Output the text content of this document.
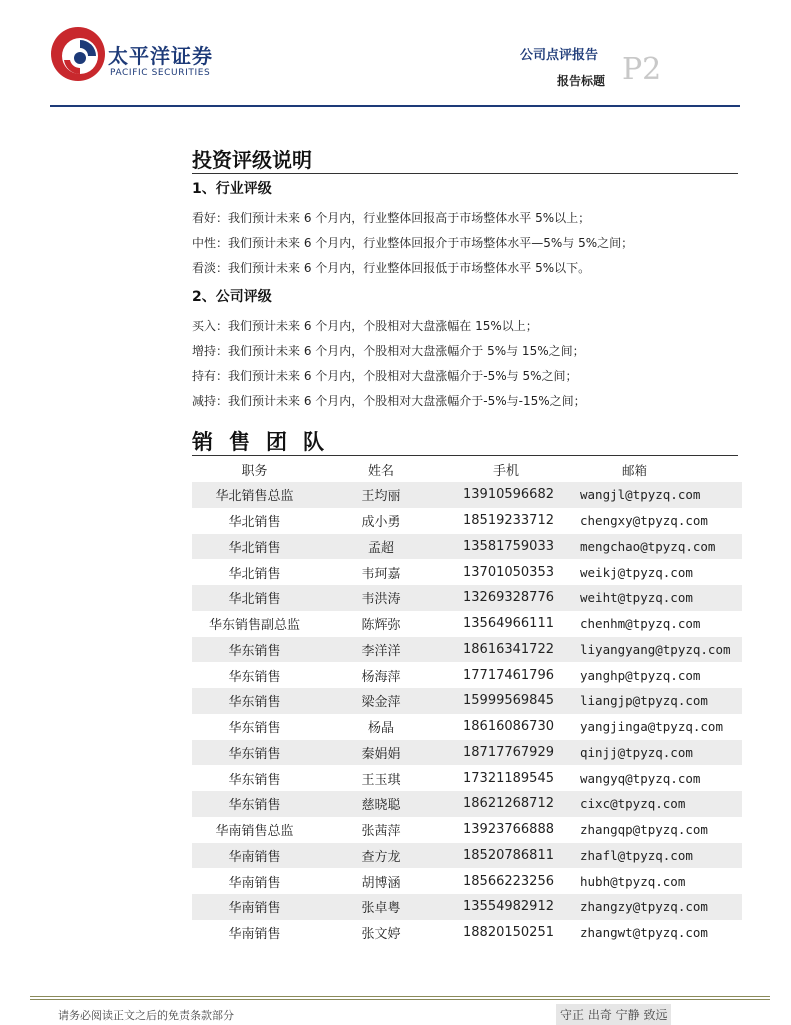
太平洋证券
PACIFIC SECURITIES
公司点评报告
报告标题 P2
投资评级说明
1、行业评级
看好：我们预计未来 6 个月内，行业整体回报高于市场整体水平 5%以上；
中性：我们预计未来 6 个月内，行业整体回报介于市场整体水平—5%与 5%之间；
看淡：我们预计未来 6 个月内，行业整体回报低于市场整体水平 5%以下。
2、公司评级
买入：我们预计未来 6 个月内，个股相对大盘涨幅在 15%以上；
增持：我们预计未来 6 个月内，个股相对大盘涨幅介于 5%与 15%之间；
持有：我们预计未来 6 个月内，个股相对大盘涨幅介于-5%与 5%之间；
减持：我们预计未来 6 个月内，个股相对大盘涨幅介于-5%与-15%之间；
销售团队
职务	姓名	手机	邮箱
华北销售总监	王均丽	13910596682	wangjl@tpyzq.com
华北销售	成小勇	18519233712	chengxy@tpyzq.com
华北销售	孟超	13581759033	mengchao@tpyzq.com
华北销售	韦珂嘉	13701050353	weikj@tpyzq.com
华北销售	韦洪涛	13269328776	weiht@tpyzq.com
华东销售副总监	陈辉弥	13564966111	chenhm@tpyzq.com
华东销售	李洋洋	18616341722	liyangyang@tpyzq.com
华东销售	杨海萍	17717461796	yanghp@tpyzq.com
华东销售	梁金萍	15999569845	liangjp@tpyzq.com
华东销售	杨晶	18616086730	yangjinga@tpyzq.com
华东销售	秦娟娟	18717767929	qinjj@tpyzq.com
华东销售	王玉琪	17321189545	wangyq@tpyzq.com
华东销售	慈晓聪	18621268712	cixc@tpyzq.com
华南销售总监	张茜萍	13923766888	zhangqp@tpyzq.com
华南销售	查方龙	18520786811	zhafl@tpyzq.com
华南销售	胡博涵	18566223256	hubh@tpyzq.com
华南销售	张卓粤	13554982912	zhangzy@tpyzq.com
华南销售	张文婷	18820150251	zhangwt@tpyzq.com
请务必阅读正文之后的免责条款部分	守正 出奇 宁静 致远
